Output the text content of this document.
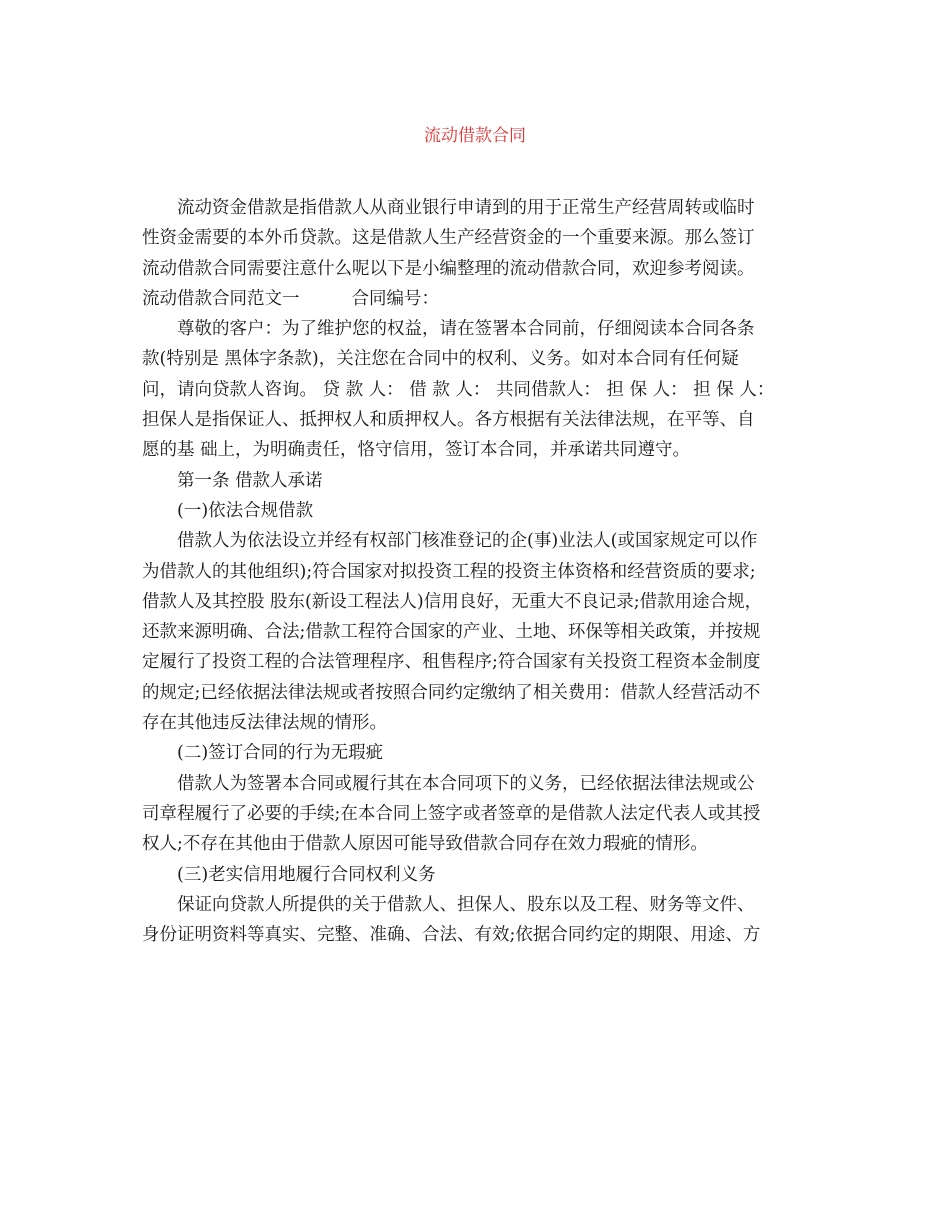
流动借款合同

流动资金借款是指借款人从商业银行申请到的用于正常生产经营周转或临时
性资金需要的本外币贷款。这是借款人生产经营资金的一个重要来源。那么签订
流动借款合同需要注意什么呢以下是小编整理的流动借款合同，欢迎参考阅读。

流动借款合同范文一	合同编号：

尊敬的客户：为了维护您的权益，请在签署本合同前，仔细阅读本合同各条
款(特别是 黑体字条款)，关注您在合同中的权利、义务。如对本合同有任何疑
问，请向贷款人咨询。 贷 款 人： 借 款 人： 共同借款人： 担 保 人： 担 保 人：
担保人是指保证人、抵押权人和质押权人。各方根据有关法律法规，在平等、自
愿的基 础上，为明确责任，恪守信用，签订本合同，并承诺共同遵守。

第一条 借款人承诺

(一)依法合规借款

借款人为依法设立并经有权部门核准登记的企(事)业法人(或国家规定可以作
为借款人的其他组织);符合国家对拟投资工程的投资主体资格和经营资质的要求;
借款人及其控股 股东(新设工程法人)信用良好，无重大不良记录;借款用途合规，
还款来源明确、合法;借款工程符合国家的产业、土地、环保等相关政策，并按规
定履行了投资工程的合法管理程序、租售程序;符合国家有关投资工程资本金制度
的规定;已经依据法律法规或者按照合同约定缴纳了相关费用：借款人经营活动不
存在其他违反法律法规的情形。

(二)签订合同的行为无瑕疵

借款人为签署本合同或履行其在本合同项下的义务，已经依据法律法规或公
司章程履行了必要的手续;在本合同上签字或者签章的是借款人法定代表人或其授
权人;不存在其他由于借款人原因可能导致借款合同存在效力瑕疵的情形。

(三)老实信用地履行合同权利义务

保证向贷款人所提供的关于借款人、担保人、股东以及工程、财务等文件、
身份证明资料等真实、完整、准确、合法、有效;依据合同约定的期限、用途、方
